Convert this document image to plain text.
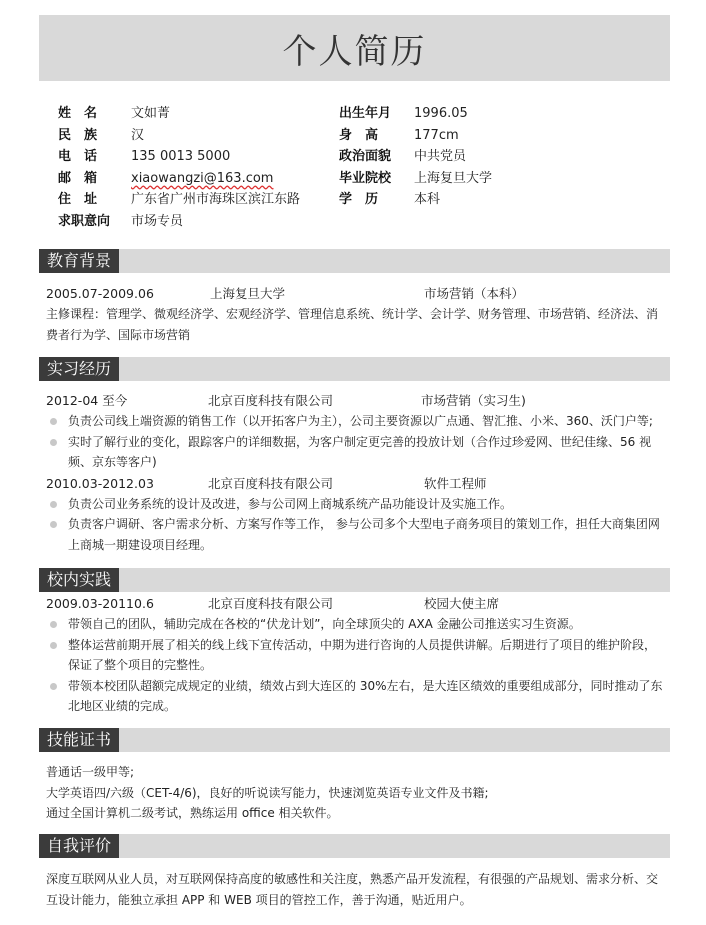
个人简历
姓　名	文如菁	出生年月 1996.05
民　族	汉	身　高	177cm
电　话	135 0013 5000	政治面貌 中共党员
邮　箱	xiaowangzi@163.com	毕业院校 上海复旦大学
住　址	广东省广州市海珠区滨江东路	学　历	本科
求职意向 市场专员
教育背景
2005.07-2009.06	上海复旦大学	市场营销（本科）

主修课程：管理学、微观经济学、宏观经济学、管理信息系统、统计学、会计学、财务管理、市场营销、经济法、消费者行为学、国际市场营销

实习经历
2012-04 至今	北京百度科技有限公司	市场营销（实习生)
负责公司线上端资源的销售工作（以开拓客户为主），公司主要资源以广点通、智汇推、小米、360、沃门户等;
实时了解行业的变化，跟踪客户的详细数据，为客户制定更完善的投放计划（合作过珍爱网、世纪佳缘、56 视频、京东等客户)
2010.03-2012.03	北京百度科技有限公司	软件工程师
负责公司业务系统的设计及改进，参与公司网上商城系统产品功能设计及实施工作。
负责客户调研、客户需求分析、方案写作等工作， 参与公司多个大型电子商务项目的策划工作，担任大商集团网上商城一期建设项目经理。
校内实践
2009.03-20110.6	北京百度科技有限公司	校园大使主席
带领自己的团队，辅助完成在各校的“伏龙计划”，向全球顶尖的 AXA 金融公司推送实习生资源。
整体运营前期开展了相关的线上线下宣传活动，中期为进行咨询的人员提供讲解。后期进行了项目的维护阶段，保证了整个项目的完整性。
带领本校团队超额完成规定的业绩，绩效占到大连区的 30%左右，是大连区绩效的重要组成部分，同时推动了东北地区业绩的完成。
技能证书

普通话一级甲等;

大学英语四/六级（CET-4/6)，良好的听说读写能力，快速浏览英语专业文件及书籍;

通过全国计算机二级考试，熟练运用 office 相关软件。

自我评价

深度互联网从业人员，对互联网保持高度的敏感性和关注度，熟悉产品开发流程，有很强的产品规划、需求分析、交互设计能力，能独立承担 APP 和 WEB 项目的管控工作，善于沟通，贴近用户。
